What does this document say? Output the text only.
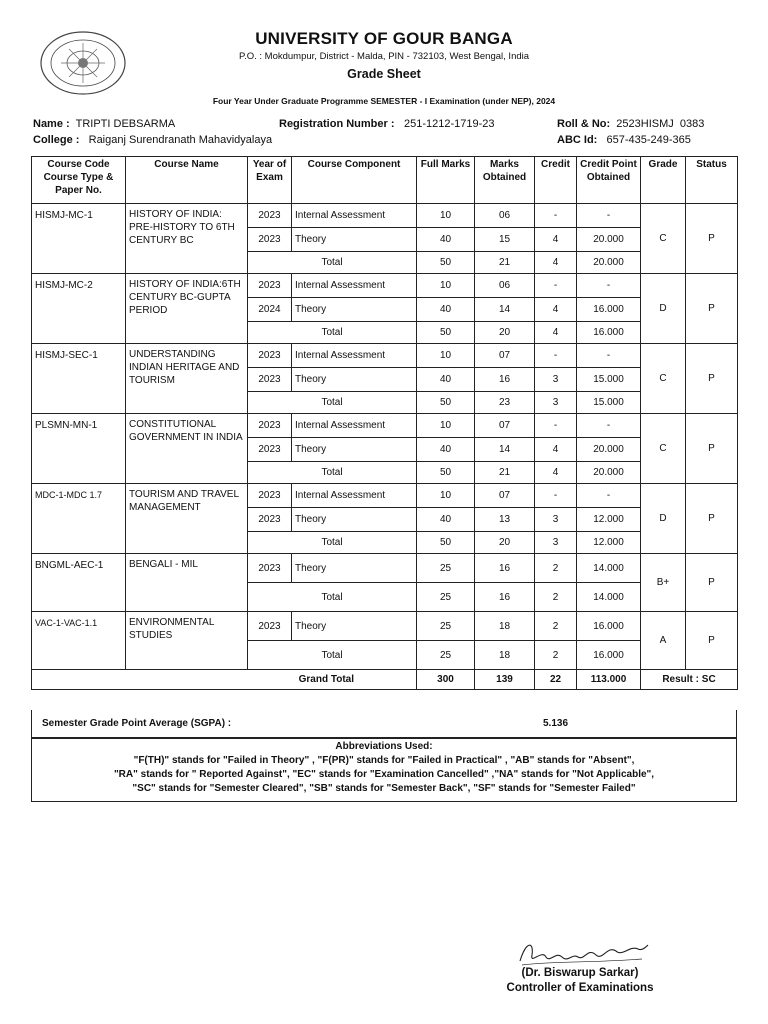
UNIVERSITY OF GOUR BANGA
P.O. : Mokdumpur, District - Malda, PIN - 732103, West Bengal, India
Grade Sheet
Four Year Under Graduate Programme SEMESTER - I Examination (under NEP), 2024
Name : TRIPTI DEBSARMA	Registration Number : 251-1212-1719-23	Roll & No: 2523HISMJ  0383
College : Raiganj Surendranath Mahavidyalaya	ABC Id: 657-435-249-365
Course Code Course Type & Paper No.	Course Name	Year of Exam	Course Component	Full Marks	Marks Obtained	Credit	Credit Point Obtained	Grade	Status
HISMJ-MC-1	HISTORY OF INDIA: PRE-HISTORY TO 6TH CENTURY BC	2023	Internal Assessment	10	06	-	-	C	P
		2023	Theory	40	15	4	20.000		
		Total		50	21	4	20.000		
HISMJ-MC-2	HISTORY OF INDIA:6TH CENTURY BC-GUPTA PERIOD	2023	Internal Assessment	10	06	-	-	D	P
		2024	Theory	40	14	4	16.000		
		Total		50	20	4	16.000		
HISMJ-SEC-1	UNDERSTANDING INDIAN HERITAGE AND TOURISM	2023	Internal Assessment	10	07	-	-	C	P
		2023	Theory	40	16	3	15.000		
		Total		50	23	3	15.000		
PLSMN-MN-1	CONSTITUTIONAL GOVERNMENT IN INDIA	2023	Internal Assessment	10	07	-	-	C	P
		2023	Theory	40	14	4	20.000		
		Total		50	21	4	20.000		
MDC-1-MDC 1.7	TOURISM AND TRAVEL MANAGEMENT	2023	Internal Assessment	10	07	-	-	D	P
		2023	Theory	40	13	3	12.000		
		Total		50	20	3	12.000		
BNGML-AEC-1	BENGALI - MIL	2023	Theory	25	16	2	14.000	B+	P
		Total		25	16	2	14.000		
VAC-1-VAC-1.1	ENVIRONMENTAL STUDIES	2023	Theory	25	18	2	16.000	A	P
		Total		25	18	2	16.000		
Grand Total				300	139	22	113.000	Result : SC	
Semester Grade Point Average (SGPA) :	5.136
Abbreviations Used:
"F(TH)" stands for "Failed in Theory" , "F(PR)" stands for "Failed in Practical" , "AB" stands for "Absent",
"RA" stands for " Reported Against", "EC" stands for "Examination Cancelled" ,"NA" stands for "Not Applicable",
"SC" stands for "Semester Cleared", "SB" stands for "Semester Back", "SF" stands for "Semester Failed"
(Dr. Biswarup Sarkar)
Controller of Examinations
